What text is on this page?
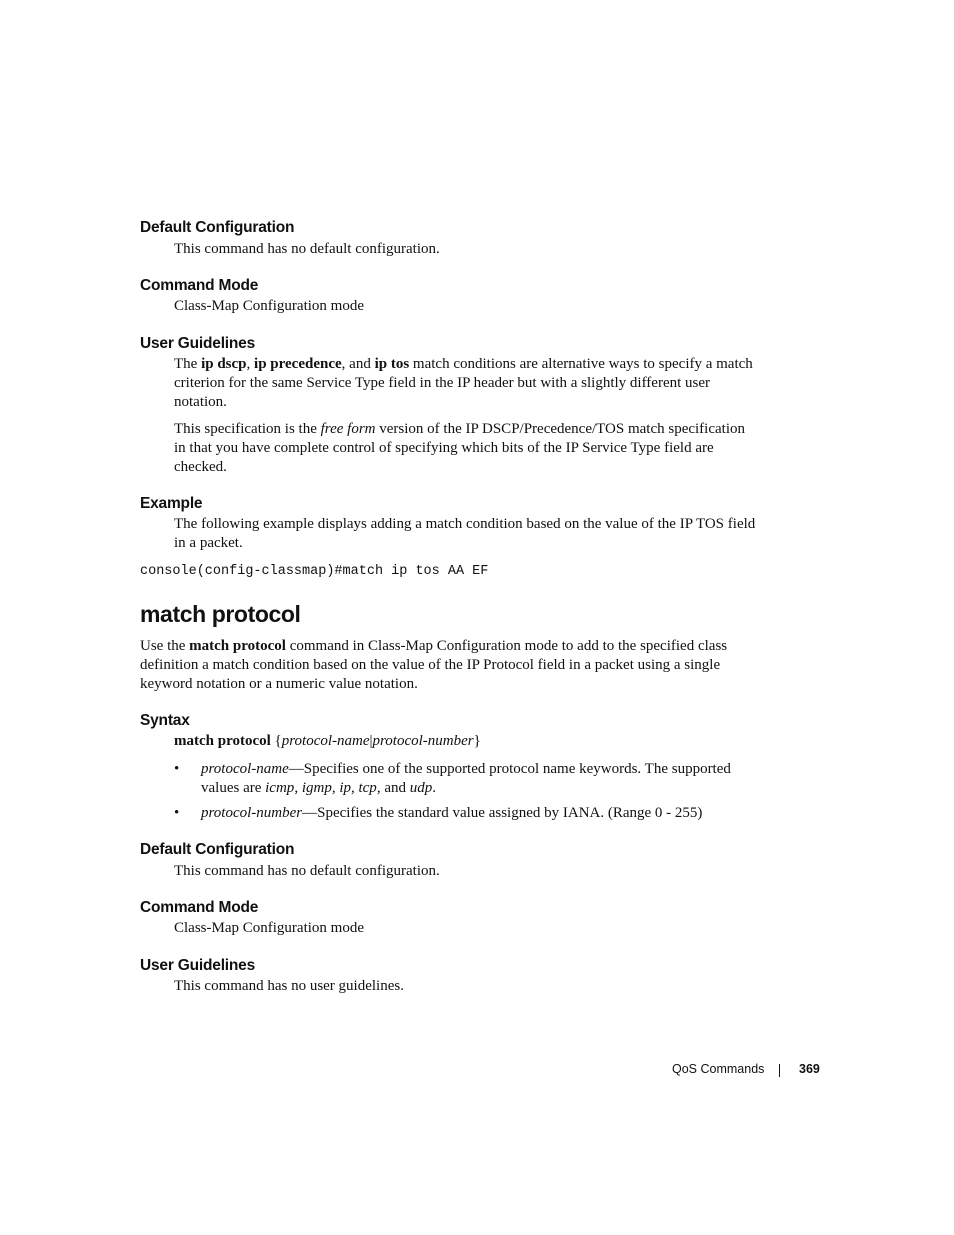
Default Configuration
This command has no default configuration.
Command Mode
Class-Map Configuration mode
User Guidelines
The ip dscp, ip precedence, and ip tos match conditions are alternative ways to specify a match criterion for the same Service Type field in the IP header but with a slightly different user notation.
This specification is the free form version of the IP DSCP/Precedence/TOS match specification in that you have complete control of specifying which bits of the IP Service Type field are checked.
Example
The following example displays adding a match condition based on the value of the IP TOS field in a packet.
console(config-classmap)#match ip tos AA EF
match protocol
Use the match protocol command in Class-Map Configuration mode to add to the specified class definition a match condition based on the value of the IP Protocol field in a packet using a single keyword notation or a numeric value notation.
Syntax
match protocol {protocol-name|protocol-number}
• protocol-name—Specifies one of the supported protocol name keywords. The supported values are icmp, igmp, ip, tcp, and udp.
• protocol-number—Specifies the standard value assigned by IANA. (Range 0 - 255)
Default Configuration
This command has no default configuration.
Command Mode
Class-Map Configuration mode
User Guidelines
This command has no user guidelines.
QoS Commands	369
